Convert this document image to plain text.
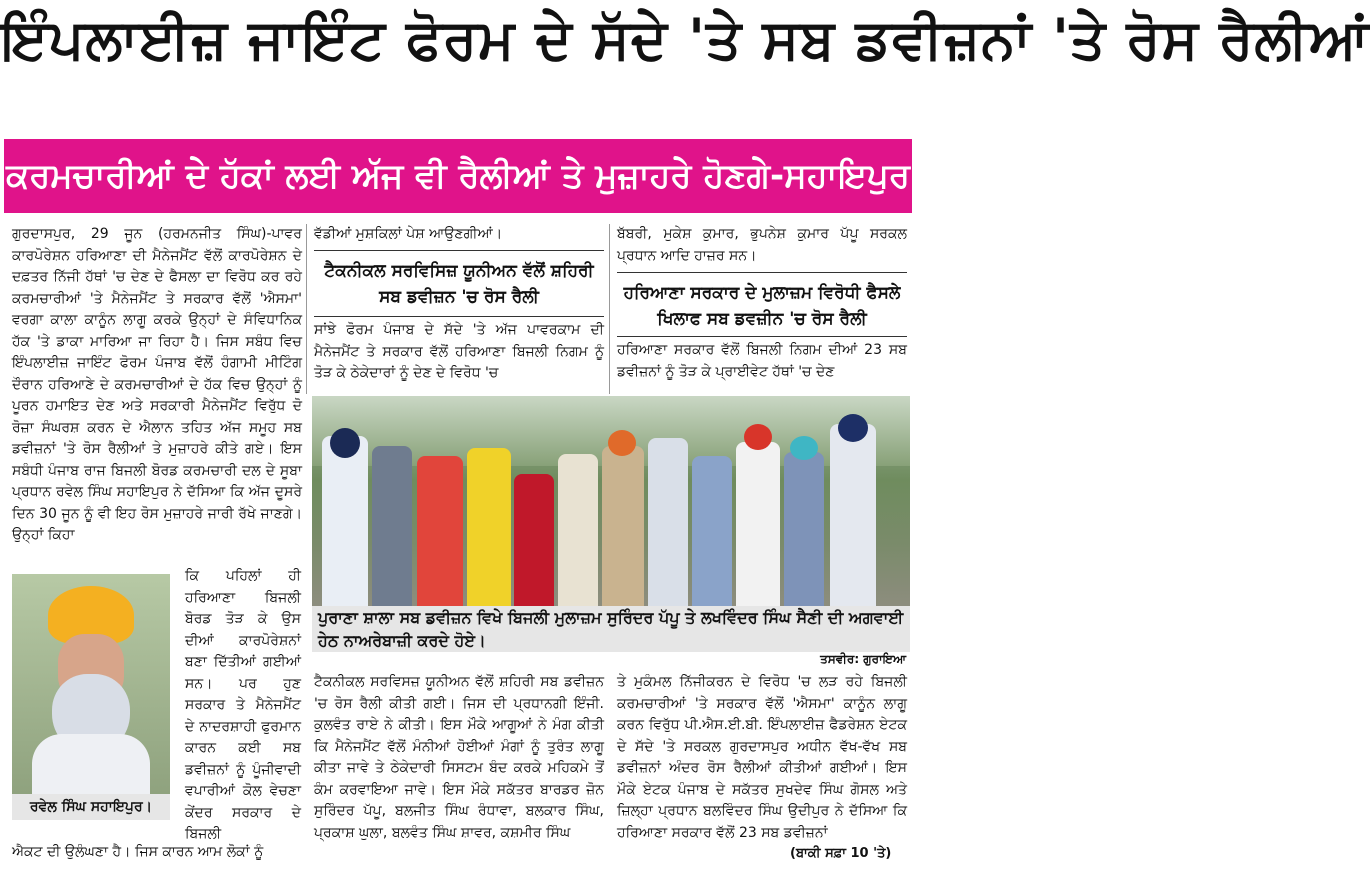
ਇੰਪਲਾਈਜ਼ ਜਾਇੰਟ ਫੋਰਮ ਦੇ ਸੱਦੇ 'ਤੇ ਸਬ ਡਵੀਜ਼ਨਾਂ 'ਤੇ ਰੋਸ ਰੈਲੀਆਂ
ਕਰਮਚਾਰੀਆਂ ਦੇ ਹੱਕਾਂ ਲਈ ਅੱਜ ਵੀ ਰੈਲੀਆਂ ਤੇ ਮੁਜ਼ਾਹਰੇ ਹੋਣਗੇ-ਸਹਾਇਪੁਰ

ਗੁਰਦਾਸਪੁਰ, 29 ਜੂਨ (ਹਰਮਨਜੀਤ ਸਿੰਘ)-ਪਾਵਰ ਕਾਰਪੋਰੇਸ਼ਨ ਹਰਿਆਣਾ ਦੀ ਮੈਨੇਜਮੈਂਟ ਵੱਲੋਂ ਕਾਰਪੋਰੇਸ਼ਨ ਦੇ ਦਫ਼ਤਰ ਨਿੱਜੀ ਹੱਥਾਂ 'ਚ ਦੇਣ ਦੇ ਫੈਸਲਾ ਦਾ ਵਿਰੋਧ ਕਰ ਰਹੇ ਕਰਮਚਾਰੀਆਂ 'ਤੇ ਮੈਨੇਜਮੈਂਟ ਤੇ ਸਰਕਾਰ ਵੱਲੋਂ 'ਐਸਮਾ' ਵਰਗਾ ਕਾਲਾ ਕਾਨੂੰਨ ਲਾਗੂ ਕਰਕੇ ਉਨ੍ਹਾਂ ਦੇ ਸੰਵਿਧਾਨਿਕ ਹੱਕ 'ਤੇ ਡਾਕਾ ਮਾਰਿਆ ਜਾ ਰਿਹਾ ਹੈ। ਜਿਸ ਸਬੰਧ ਵਿਚ ਇੰਪਲਾਈਜ਼ ਜਾਇੰਟ ਫੋਰਮ ਪੰਜਾਬ ਵੱਲੋਂ ਹੰਗਾਮੀ ਮੀਟਿੰਗ ਦੌਰਾਨ ਹਰਿਆਣੇ ਦੇ ਕਰਮਚਾਰੀਆਂ ਦੇ ਹੱਕ ਵਿਚ ਉਨ੍ਹਾਂ ਨੂੰ ਪੂਰਨ ਹਮਾਇਤ ਦੇਣ ਅਤੇ ਸਰਕਾਰੀ ਮੈਨੇਜਮੈਂਟ ਵਿਰੁੱਧ ਦੋ ਰੋਜ਼ਾ ਸੰਘਰਸ਼ ਕਰਨ ਦੇ ਐਲਾਨ ਤਹਿਤ ਅੱਜ ਸਮੂਹ ਸਬ ਡਵੀਜ਼ਨਾਂ 'ਤੇ ਰੋਸ ਰੈਲੀਆਂ ਤੇ ਮੁਜ਼ਾਹਰੇ ਕੀਤੇ ਗਏ। ਇਸ ਸਬੰਧੀ ਪੰਜਾਬ ਰਾਜ ਬਿਜਲੀ ਬੋਰਡ ਕਰਮਚਾਰੀ ਦਲ ਦੇ ਸੂਬਾ ਪ੍ਰਧਾਨ ਰਵੇਲ ਸਿੰਘ ਸਹਾਇਪੁਰ ਨੇ ਦੱਸਿਆ ਕਿ ਅੱਜ ਦੂਸਰੇ ਦਿਨ 30 ਜੂਨ ਨੂੰ ਵੀ ਇਹ ਰੋਸ ਮੁਜ਼ਾਹਰੇ ਜਾਰੀ ਰੱਖੇ ਜਾਣਗੇ। ਉਨ੍ਹਾਂ ਕਿਹਾ

ਰਵੇਲ ਸਿੰਘ ਸਹਾਇਪੁਰ।

ਕਿ ਪਹਿਲਾਂ ਹੀ ਹਰਿਆਣਾ ਬਿਜਲੀ ਬੋਰਡ ਤੋੜ ਕੇ ਉਸ ਦੀਆਂ ਕਾਰਪੋਰੇਸ਼ਨਾਂ ਬਣਾ ਦਿੱਤੀਆਂ ਗਈਆਂ ਸਨ। ਪਰ ਹੁਣ ਸਰਕਾਰ ਤੇ ਮੈਨੇਜਮੈਂਟ ਦੇ ਨਾਦਰਸ਼ਾਹੀ ਫੁਰਮਾਨ ਕਾਰਨ ਕਈ ਸਬ ਡਵੀਜ਼ਨਾਂ ਨੂੰ ਪੂੰਜੀਵਾਦੀ ਵਪਾਰੀਆਂ ਕੋਲ ਵੇਚਣਾ ਕੇਂਦਰ ਸਰਕਾਰ ਦੇ ਬਿਜਲੀ

ਐਕਟ ਦੀ ਉਲੰਘਣਾ ਹੈ। ਜਿਸ ਕਾਰਨ ਆਮ ਲੋਕਾਂ ਨੂੰ

ਵੱਡੀਆਂ ਮੁਸ਼ਕਿਲਾਂ ਪੇਸ਼ ਆਉਣਗੀਆਂ।
ਟੈਕਨੀਕਲ ਸਰਵਿਸਿਜ਼ ਯੂਨੀਅਨ ਵੱਲੋਂ ਸ਼ਹਿਰੀ ਸਬ ਡਵੀਜ਼ਨ 'ਚ ਰੋਸ ਰੈਲੀ
ਸਾਂਝੇ ਫੋਰਮ ਪੰਜਾਬ ਦੇ ਸੱਦੇ 'ਤੇ ਅੱਜ ਪਾਵਰਕਾਮ ਦੀ ਮੈਨੇਜਮੈਂਟ ਤੇ ਸਰਕਾਰ ਵੱਲੋਂ ਹਰਿਆਣਾ ਬਿਜਲੀ ਨਿਗਮ ਨੂੰ ਤੋੜ ਕੇ ਠੇਕੇਦਾਰਾਂ ਨੂੰ ਦੇਣ ਦੇ ਵਿਰੋਧ 'ਚ
ਬੱਬਰੀ, ਮੁਕੇਸ਼ ਕੁਮਾਰ, ਭੁਪਨੇਸ਼ ਕੁਮਾਰ ਪੱਪੂ ਸਰਕਲ ਪ੍ਰਧਾਨ ਆਦਿ ਹਾਜ਼ਰ ਸਨ।
ਹਰਿਆਣਾ ਸਰਕਾਰ ਦੇ ਮੁਲਾਜ਼ਮ ਵਿਰੋਧੀ ਫੈਸਲੇ ਖਿਲਾਫ ਸਬ ਡਵਜ਼ੀਨ 'ਚ ਰੋਸ ਰੈਲੀ
ਹਰਿਆਣਾ ਸਰਕਾਰ ਵੱਲੋਂ ਬਿਜਲੀ ਨਿਗਮ ਦੀਆਂ 23 ਸਬ ਡਵੀਜ਼ਨਾਂ ਨੂੰ ਤੋੜ ਕੇ ਪ੍ਰਾਈਵੇਟ ਹੱਥਾਂ 'ਚ ਦੇਣ
ਪੁਰਾਣਾ ਸ਼ਾਲਾ ਸਬ ਡਵੀਜ਼ਨ ਵਿਖੇ ਬਿਜਲੀ ਮੁਲਾਜ਼ਮ ਸੁਰਿੰਦਰ ਪੱਪੂ ਤੇ ਲਖਵਿੰਦਰ ਸਿੰਘ ਸੈਣੀ ਦੀ ਅਗਵਾਈ ਹੇਠ ਨਾਅਰੇਬਾਜ਼ੀ ਕਰਦੇ ਹੋਏ।
ਤਸਵੀਰ: ਗੁਰਾਇਆ
ਟੈਕਨੀਕਲ ਸਰਵਿਸਜ਼ ਯੂਨੀਅਨ ਵੱਲੋਂ ਸ਼ਹਿਰੀ ਸਬ ਡਵੀਜ਼ਨ 'ਚ ਰੋਸ ਰੈਲੀ ਕੀਤੀ ਗਈ। ਜਿਸ ਦੀ ਪ੍ਰਧਾਨਗੀ ਇੰਜੀ. ਕੁਲਵੰਤ ਰਾਏ ਨੇ ਕੀਤੀ। ਇਸ ਮੌਕੇ ਆਗੂਆਂ ਨੇ ਮੰਗ ਕੀਤੀ ਕਿ ਮੈਨੇਜਮੈਂਟ ਵੱਲੋਂ ਮੰਨੀਆਂ ਹੋਈਆਂ ਮੰਗਾਂ ਨੂੰ ਤੁਰੰਤ ਲਾਗੂ ਕੀਤਾ ਜਾਵੇ ਤੇ ਠੇਕੇਦਾਰੀ ਸਿਸਟਮ ਬੰਦ ਕਰਕੇ ਮਹਿਕਮੇ ਤੋਂ ਕੰਮ ਕਰਵਾਇਆ ਜਾਵੇ। ਇਸ ਮੌਕੇ ਸਕੱਤਰ ਬਾਰਡਰ ਜ਼ੋਨ ਸੁਰਿੰਦਰ ਪੱਪੂ, ਬਲਜੀਤ ਸਿੰਘ ਰੰਧਾਵਾ, ਬਲਕਾਰ ਸਿੰਘ, ਪ੍ਰਕਾਸ਼ ਘੁਲਾ, ਬਲਵੰਤ ਸਿੰਘ ਸ਼ਾਵਰ, ਕਸ਼ਮੀਰ ਸਿੰਘ
ਤੇ ਮੁਕੰਮਲ ਨਿੱਜੀਕਰਨ ਦੇ ਵਿਰੋਧ 'ਚ ਲੜ ਰਹੇ ਬਿਜਲੀ ਕਰਮਚਾਰੀਆਂ 'ਤੇ ਸਰਕਾਰ ਵੱਲੋਂ 'ਐਸਮਾ' ਕਾਨੂੰਨ ਲਾਗੂ ਕਰਨ ਵਿਰੁੱਧ ਪੀ.ਐਸ.ਈ.ਬੀ. ਇੰਪਲਾਈਜ਼ ਫੈਡਰੇਸ਼ਨ ਏਟਕ ਦੇ ਸੱਦੇ 'ਤੇ ਸਰਕਲ ਗੁਰਦਾਸਪੁਰ ਅਧੀਨ ਵੱਖ-ਵੱਖ ਸਬ ਡਵੀਜ਼ਨਾਂ ਅੰਦਰ ਰੋਸ ਰੈਲੀਆਂ ਕੀਤੀਆਂ ਗਈਆਂ। ਇਸ ਮੌਕੇ ਏਟਕ ਪੰਜਾਬ ਦੇ ਸਕੱਤਰ ਸੁਖਦੇਵ ਸਿੰਘ ਗੋਸਲ ਅਤੇ ਜ਼ਿਲ੍ਹਾ ਪ੍ਰਧਾਨ ਬਲਵਿੰਦਰ ਸਿੰਘ ਉਦੀਪੁਰ ਨੇ ਦੱਸਿਆ ਕਿ ਹਰਿਆਣਾ ਸਰਕਾਰ ਵੱਲੋਂ 23 ਸਬ ਡਵੀਜ਼ਨਾਂ
(ਬਾਕੀ ਸਫ਼ਾ 10 'ਤੇ)
